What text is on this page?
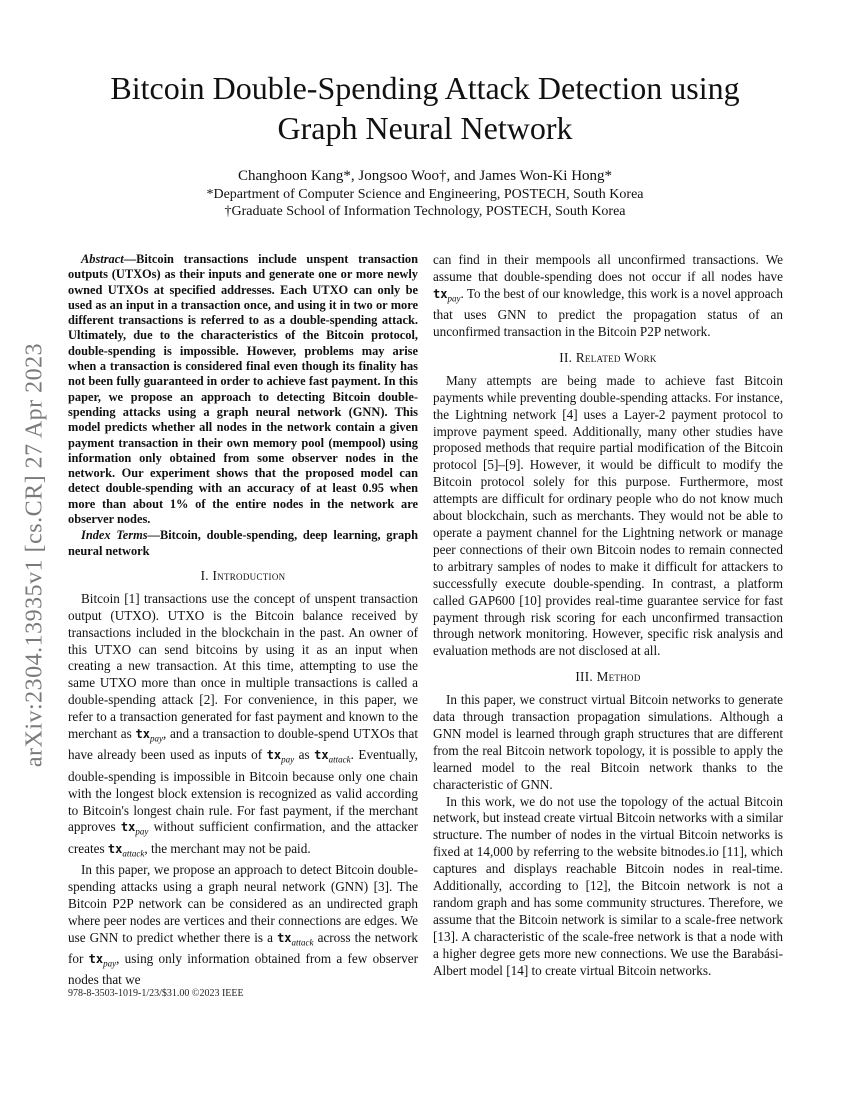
Bitcoin Double-Spending Attack Detection using
Graph Neural Network

Changhoon Kang*, Jongsoo Woo†, and James Won-Ki Hong*

*Department of Computer Science and Engineering, POSTECH, South Korea

†Graduate School of Information Technology, POSTECH, South Korea

arXiv:2304.13935v1 [cs.CR] 27 Apr 2023

Abstract—Bitcoin transactions include unspent transaction outputs (UTXOs) as their inputs and generate one or more newly owned UTXOs at specified addresses. Each UTXO can only be used as an input in a transaction once, and using it in two or more different transactions is referred to as a double-spending attack. Ultimately, due to the characteristics of the Bitcoin protocol, double-spending is impossible. However, problems may arise when a transaction is considered final even though its finality has not been fully guaranteed in order to achieve fast payment. In this paper, we propose an approach to detecting Bitcoin double-spending attacks using a graph neural network (GNN). This model predicts whether all nodes in the network contain a given payment transaction in their own memory pool (mempool) using information only obtained from some observer nodes in the network. Our experiment shows that the proposed model can detect double-spending with an accuracy of at least 0.95 when more than about 1% of the entire nodes in the network are observer nodes.

Index Terms—Bitcoin, double-spending, deep learning, graph neural network

I. Introduction

Bitcoin [1] transactions use the concept of unspent transaction output (UTXO). UTXO is the Bitcoin balance received by transactions included in the blockchain in the past. An owner of this UTXO can send bitcoins by using it as an input when creating a new transaction. At this time, attempting to use the same UTXO more than once in multiple transactions is called a double-spending attack [2]. For convenience, in this paper, we refer to a transaction generated for fast payment and known to the merchant as $tx_{pay}$, and a transaction to double-spend UTXOs that have already been used as inputs of $tx_{pay}$ as $tx_{attack}$. Eventually, double-spending is impossible in Bitcoin because only one chain with the longest block extension is recognized as valid according to Bitcoin's longest chain rule. For fast payment, if the merchant approves $tx_{pay}$ without sufficient confirmation, and the attacker creates $tx_{attack}$, the merchant may not be paid.

In this paper, we propose an approach to detect Bitcoin double-spending attacks using a graph neural network (GNN) [3]. The Bitcoin P2P network can be considered as an undirected graph where peer nodes are vertices and their connections are edges. We use GNN to predict whether there is a $tx_{attack}$ across the network for $tx_{pay}$, using only information obtained from a few observer nodes that we

can find in their mempools all unconfirmed transactions. We assume that double-spending does not occur if all nodes have $tx_{pay}$. To the best of our knowledge, this work is a novel approach that uses GNN to predict the propagation status of an unconfirmed transaction in the Bitcoin P2P network.

II. Related Work

Many attempts are being made to achieve fast Bitcoin payments while preventing double-spending attacks. For instance, the Lightning network [4] uses a Layer-2 payment protocol to improve payment speed. Additionally, many other studies have proposed methods that require partial modification of the Bitcoin protocol [5]–[9]. However, it would be difficult to modify the Bitcoin protocol solely for this purpose. Furthermore, most attempts are difficult for ordinary people who do not know much about blockchain, such as merchants. They would not be able to operate a payment channel for the Lightning network or manage peer connections of their own Bitcoin nodes to remain connected to arbitrary samples of nodes to make it difficult for attackers to successfully execute double-spending. In contrast, a platform called GAP600 [10] provides real-time guarantee service for fast payment through risk scoring for each unconfirmed transaction through network monitoring. However, specific risk analysis and evaluation methods are not disclosed at all.

III. Method

In this paper, we construct virtual Bitcoin networks to generate data through transaction propagation simulations. Although a GNN model is learned through graph structures that are different from the real Bitcoin network topology, it is possible to apply the learned model to the real Bitcoin network thanks to the characteristic of GNN.

In this work, we do not use the topology of the actual Bitcoin network, but instead create virtual Bitcoin networks with a similar structure. The number of nodes in the virtual Bitcoin networks is fixed at 14,000 by referring to the website bitnodes.io [11], which captures and displays reachable Bitcoin nodes in real-time. Additionally, according to [12], the Bitcoin network is not a random graph and has some community structures. Therefore, we assume that the Bitcoin network is similar to a scale-free network [13]. A characteristic of the scale-free network is that a node with a higher degree gets more new connections. We use the Barabási-Albert model [14] to create virtual Bitcoin networks.

978-8-3503-1019-1/23/$31.00 ©2023 IEEE
